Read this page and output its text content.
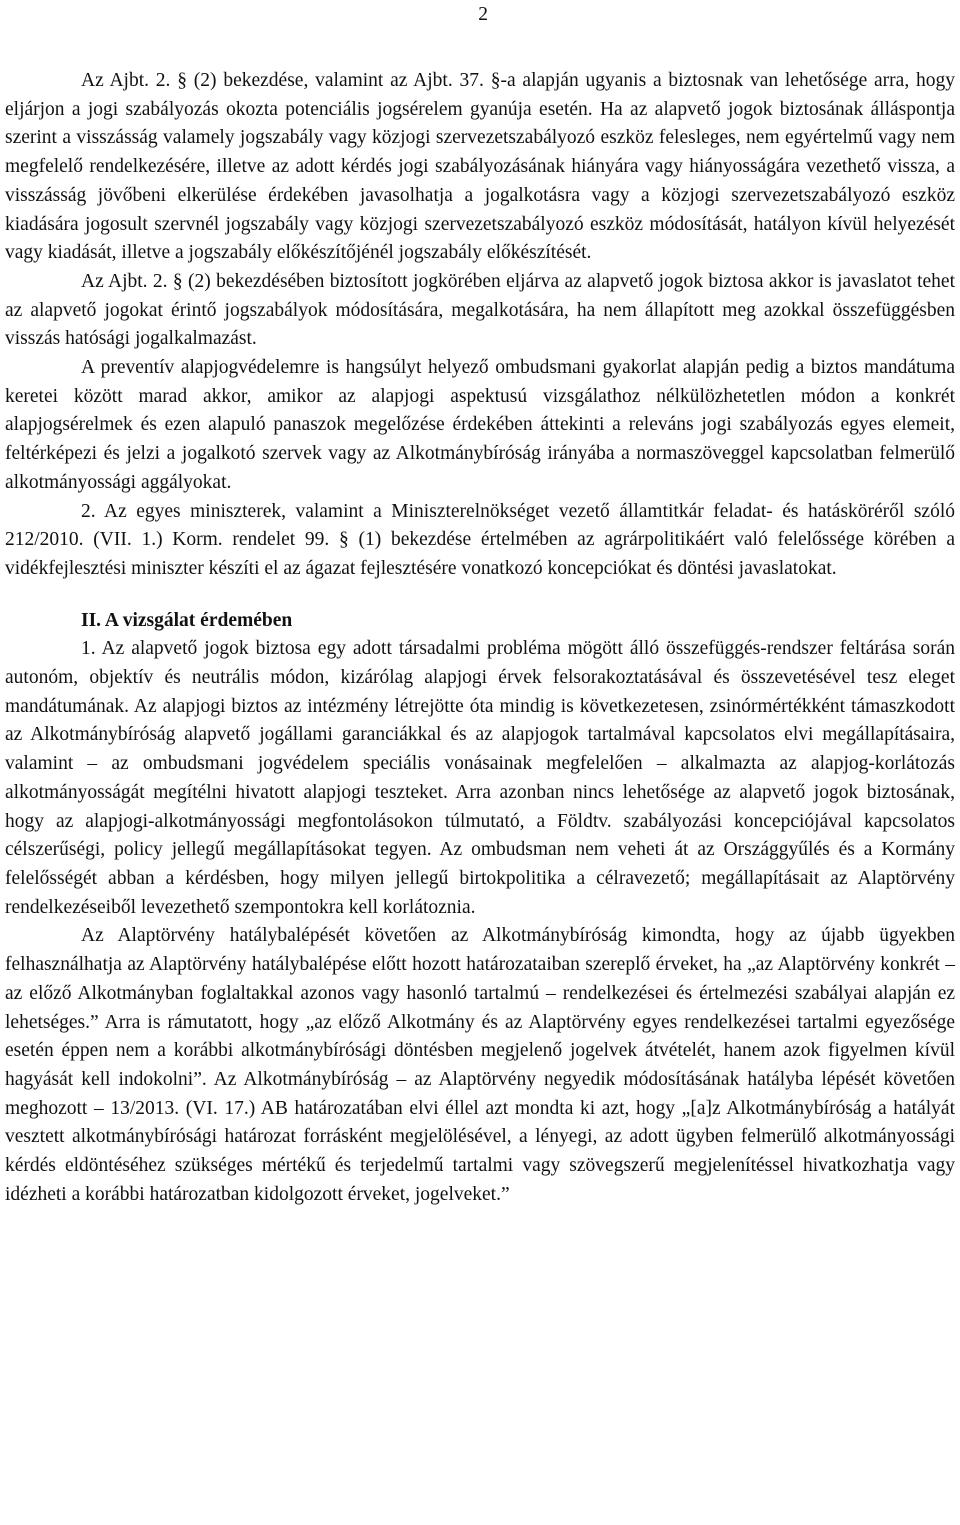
2

Az Ajbt. 2. § (2) bekezdése, valamint az Ajbt. 37. §-a alapján ugyanis a biztosnak van lehetősége arra, hogy eljárjon a jogi szabályozás okozta potenciális jogsérelem gyanúja esetén. Ha az alapvető jogok biztosának álláspontja szerint a visszásság valamely jogszabály vagy közjogi szervezetszabályozó eszköz felesleges, nem egyértelmű vagy nem megfelelő rendelkezésére, illetve az adott kérdés jogi szabályozásának hiányára vagy hiányosságára vezethető vissza, a visszásság jövőbeni elkerülése érdekében javasolhatja a jogalkotásra vagy a közjogi szervezetszabályozó eszköz kiadására jogosult szervnél jogszabály vagy közjogi szervezetszabályozó eszköz módosítását, hatályon kívül helyezését vagy kiadását, illetve a jogszabály előkészítőjénél jogszabály előkészítését.

Az Ajbt. 2. § (2) bekezdésében biztosított jogkörében eljárva az alapvető jogok biztosa akkor is javaslatot tehet az alapvető jogokat érintő jogszabályok módosítására, megalkotására, ha nem állapított meg azokkal összefüggésben visszás hatósági jogalkalmazást.

A preventív alapjogvédelemre is hangsúlyt helyező ombudsmani gyakorlat alapján pedig a biztos mandátuma keretei között marad akkor, amikor az alapjogi aspektusú vizsgálathoz nélkülözhetetlen módon a konkrét alapjogsérelmek és ezen alapuló panaszok megelőzése érdekében áttekinti a releváns jogi szabályozás egyes elemeit, feltérképezi és jelzi a jogalkotó szervek vagy az Alkotmánybíróság irányába a normaszöveggel kapcsolatban felmerülő alkotmányossági aggályokat.

2. Az egyes miniszterek, valamint a Miniszterelnökséget vezető államtitkár feladat- és hatásköréről szóló 212/2010. (VII. 1.) Korm. rendelet 99. § (1) bekezdése értelmében az agrárpolitikáért való felelőssége körében a vidékfejlesztési miniszter készíti el az ágazat fejlesztésére vonatkozó koncepciókat és döntési javaslatokat.

II. A vizsgálat érdemében

1. Az alapvető jogok biztosa egy adott társadalmi probléma mögött álló összefüggés-rendszer feltárása során autonóm, objektív és neutrális módon, kizárólag alapjogi érvek felsorakoztatásával és összevetésével tesz eleget mandátumának. Az alapjogi biztos az intézmény létrejötte óta mindig is következetesen, zsinórmértékként támaszkodott az Alkotmánybíróság alapvető jogállami garanciákkal és az alapjogok tartalmával kapcsolatos elvi megállapításaira, valamint – az ombudsmani jogvédelem speciális vonásainak megfelelően – alkalmazta az alapjog-korlátozás alkotmányosságát megítélni hivatott alapjogi teszteket. Arra azonban nincs lehetősége az alapvető jogok biztosának, hogy az alapjogi-alkotmányossági megfontolásokon túlmutató, a Földtv. szabályozási koncepciójával kapcsolatos célszerűségi, policy jellegű megállapításokat tegyen. Az ombudsman nem veheti át az Országgyűlés és a Kormány felelősségét abban a kérdésben, hogy milyen jellegű birtokpolitika a célravezető; megállapításait az Alaptörvény rendelkezéseiből levezethető szempontokra kell korlátoznia.

Az Alaptörvény hatálybalépését követően az Alkotmánybíróság kimondta, hogy az újabb ügyekben felhasználhatja az Alaptörvény hatálybalépése előtt hozott határozataiban szereplő érveket, ha „az Alaptörvény konkrét – az előző Alkotmányban foglaltakkal azonos vagy hasonló tartalmú – rendelkezései és értelmezési szabályai alapján ez lehetséges.” Arra is rámutatott, hogy „az előző Alkotmány és az Alaptörvény egyes rendelkezései tartalmi egyezősége esetén éppen nem a korábbi alkotmánybírósági döntésben megjelenő jogelvek átvételét, hanem azok figyelmen kívül hagyását kell indokolni”. Az Alkotmánybíróság – az Alaptörvény negyedik módosításának hatályba lépését követően meghozott – 13/2013. (VI. 17.) AB határozatában elvi éllel azt mondta ki azt, hogy „[a]z Alkotmánybíróság a hatályát vesztett alkotmánybírósági határozat forrásként megjelölésével, a lényegi, az adott ügyben felmerülő alkotmányossági kérdés eldöntéséhez szükséges mértékű és terjedelmű tartalmi vagy szövegszerű megjelenítéssel hivatkozhatja vagy idézheti a korábbi határozatban kidolgozott érveket, jogelveket.”
